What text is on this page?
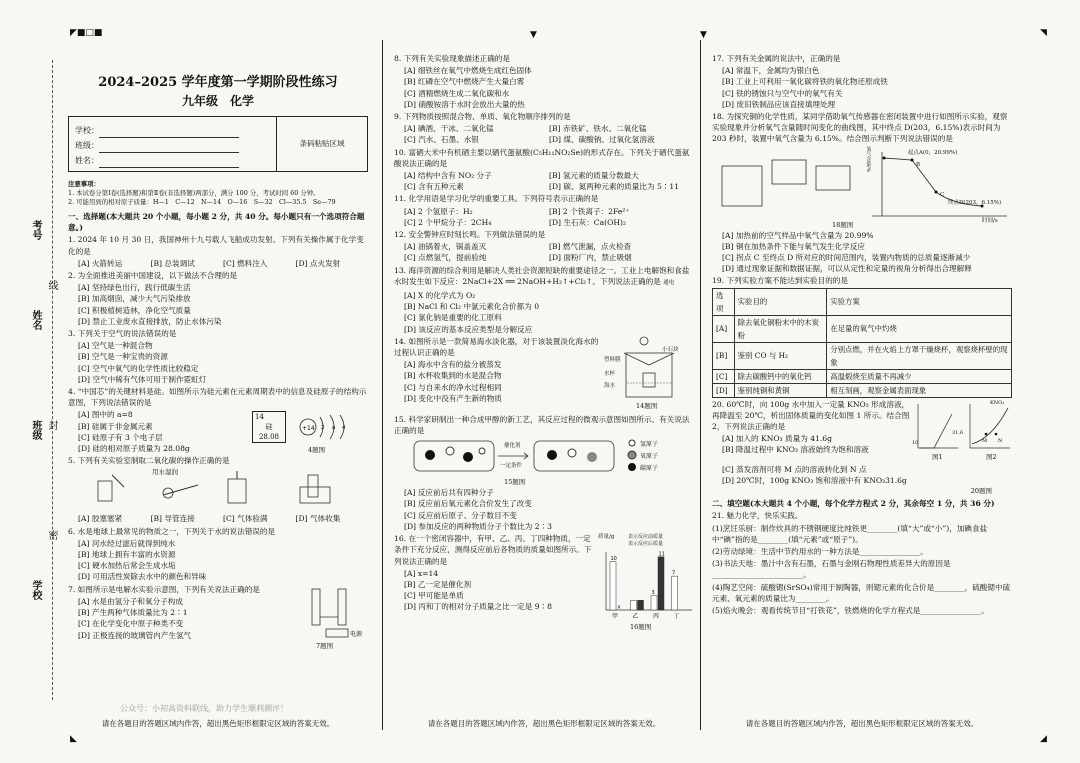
◤■□■
◣
◥
◢
▼	▼
考号
姓名
班级
学校
线
封
密
2024–2025 学年度第一学期阶段性练习
九年级　化学
学校：
班级：
姓名：
条码粘贴区域
注意事项：
1. 本试卷分第Ⅰ卷(选择题)和第Ⅱ卷(非选择题)两部分，满分 100 分，考试时间 60 分钟。
2. 可能用到的相对原子质量：H—1　C—12　N—14　O—16　S—32　Cl—35.5　Se—79
一、选择题(本大题共 20 个小题，每小题 2 分，共 40 分。每小题只有一个选项符合题意。)
1. 2024 年 10 月 30 日，我国神州十九号载人飞船成功发射。下列有关操作属于化学变化的是
[A] 火箭转运	[B] 总装调试	[C] 燃料注入	[D] 点火发射
2. 为全面推进美丽中国建设，以下做法不合理的是
[A] 坚持绿色出行，践行低碳生活
[B] 加高烟囱，减少大气污染排放
[C] 积极植树造林，净化空气质量
[D] 禁止工业废水直接排放，防止水体污染
3. 下列关于空气的说法错误的是
[A] 空气是一种混合物
[B] 空气是一种宝贵的资源
[C] 空气中氧气的化学性质比较稳定
[D] 空气中稀有气体可用于制作霓虹灯
4. “中国芯”的关键材料是硅。如图所示为硅元素在元素周期表中的信息及硅原子的结构示意图，下列说法错误的是
[A] 图中的 a=8
[B] 硅属于非金属元素
[C] 硅原子有 3 个电子层
[D] 硅的相对原子质量为 28.08g
14
硅
28.08
+14 2 a 4
4题图
5. 下列有关实验室制取二氧化碳的操作正确的是
用水湿润
[A] 胶塞塞紧	[B] 导管连接	[C] 气体验满	[D] 气体收集
6. 水是地球上最常见的物质之一，下列关于水的说法错误的是
[A] 河水经过滤后就得到纯水
[B] 地球上拥有丰富的水资源
[C] 硬水加热后常会生成水垢
[D] 可用活性炭除去水中的颜色和异味
7. 如图所示是电解水实验示意图，下列有关说法正确的是
[A] 水是由氢分子和氧分子构成
[B] 产生两种气体质量比为 2∶1
[C] 在化学变化中原子种类不变
[D] 正极连接的玻璃管内产生氢气	电源
7题图
公众号：小初高资料联线，助力学生顺利测评！
请在各题目的答题区域内作答，超出黑色矩形框限定区域的答案无效。
8. 下列有关实验现象描述正确的是
[A] 细铁丝在氧气中燃烧生成红色固体
[B] 红磷在空气中燃烧产生大量白雾
[C] 酒精燃烧生成二氧化碳和水
[D] 硝酸铵溶于水时会放出大量的热
9. 下列物质按照混合物、单质、氧化物顺序排列的是
[A] 碘酒、干冰、二氧化锰	[B] 赤铁矿、铁水、二氧化锰
[C] 汽水、石墨、水银	[D] 煤、碳酸钠、过氧化氢溶液
10. 富硒大米中有机硒主要以硒代蛋氨酸(C₅H₁₁NO₂Se)的形式存在。下列关于硒代蛋氨酸说法正确的是
[A] 结构中含有 NO₂ 分子	[B] 氢元素的质量分数最大
[C] 含有五种元素	[D] 碳、氮两种元素的质量比为 5∶11
11. 化学用语是学习化学的重要工具。下列符号表示正确的是
[A] 2 个氢原子：H₂	[B] 2 个铁离子：2Fe²⁺
[C] 2 个甲烷分子：2CH₄	[D] 生石灰：Ca(OH)₂
12. 安全警钟应时刻长鸣。下列做法错误的是
[A] 油锅着火，锅盖盖灭	[B] 燃气泄漏，点火检查
[C] 点燃氢气，提前验纯	[D] 面粉厂内，禁止吸烟
13. 海洋资源的综合利用是解决人类社会资源短缺的重要途径之一。工业上电解饱和食盐水时发生如下反应：2NaCl+2X ══ 2NaOH+H₂↑+Cl₂↑。下列说法正确的是 通电
[A] X 的化学式为 O₂
[B] NaCl 和 Cl₂ 中氯元素化合价都为 0
[C] 氯化钠是重要的化工原料
[D] 该反应的基本反应类型是分解反应
14. 如图所示是一款简易海水淡化器，对于该装置淡化海水的过程认识正确的是
[A] 海水中含有的盐分被蒸发
[B] 水杯收集到的水是混合物
[C] 与自来水的净水过程相同
[D] 变化中没有产生新的物质
小石块
塑料膜
水杯
海水
14题图
15. 科学家研制出一种合成甲醇的新工艺，其反应过程的微观示意图如图所示。有关说法正确的是
催化剂
一定条件
氢原子
氧原子
碳原子
15题图
[A] 反应前后共有四种分子
[B] 反应前后氧元素化合价发生了改变
[C] 反应前后原子、分子数目不变
[D] 参加反应的两种物质分子个数比为 2∶3
16. 在一个密闭容器中，有甲、乙、丙、丁四种物质，一定条件下充分反应，测得反应前后各物质的质量如图所示。下列说法正确的是
[A] x=14
[B] 乙一定是催化剂
[C] 甲可能是单质
[D] 丙和丁的相对分子质量之比一定是 9∶8
质量/g	表示反应前质量
表示反应后质量
10
x
甲 乙
3
11
丙
7
丁
16题图
请在各题目的答题区域内作答，超出黑色矩形框限定区域的答案无效。
17. 下列有关金属的说法中，正确的是
[A] 常温下，金属均为银白色
[B] 工业上可利用一氧化碳将铁的氧化物还原成铁
[C] 铁的锈蚀只与空气中的氧气有关
[D] 废旧铁制品应该直接填埋处理
18. 为探究铜的化学性质，某同学借助氧气传感器在密闭装置中进行如图所示实验，观察实验现象并分析氧气含量随时间变化的曲线图，其中终点 D(203，6.15%)表示时间为 203 秒时，装置中氧气含量为 6.15%。结合图示判断下列说法错误的是
起点A(0，20.99%)
B
C
终点D(203，6.15%)
氧气含量/%
时间/s
18题图
[A] 加热前的空气样品中氧气含量为 20.99%
[B] 铜在加热条件下能与氧气发生化学反应
[C] 拐点 C 至终点 D 所对应的时间范围内，装置内物质的总质量逐渐减少
[D] 通过现象证据和数据证据，可以从定性和定量的视角分析得出合理解释
19. 下列实验方案不能达到实验目的的是
选项	实验目的	实验方案
[A]	除去氧化铜粉末中的木炭粉	在足量的氧气中灼烧
[B]	鉴别 CO 与 H₂	分别点燃，并在火焰上方罩干燥烧杯，观察烧杯壁的现象
[C]	除去碳酸钙中的氧化钙	高温煅烧至质量不再减少
[D]	鉴别纯铜和黄铜	相互刻画，观察金属表面现象
20. 60℃时，向 100g 水中加入一定量 KNO₃ 形成溶液，再降温至 20℃，析出固体质量的变化如图 1 所示。结合图 2，下列说法正确的是
[A] 加入的 KNO₃ 质量为 41.6g
[B] 降温过程中 KNO₃ 溶液始终为饱和溶液
KNO₃
31.6
10	M N
图1	图2
[C] 蒸发溶剂可将 M 点的溶液转化到 N 点
[D] 20℃时，100g KNO₃ 饱和溶液中有 KNO₃31.6g
20题图
二、填空题(本大题共 4 个小题，每个化学方程式 2 分，其余每空 1 分，共 36 分)
21. 魅力化学，快乐实践。
(1)烹饪乐厨：制作炊具的不锈钢硬度比纯铁更________(填“大”或“小”)，加碘食盐中“碘”指的是________(填“元素”或“原子”)。
(2)劳动绿境：生活中节约用水的一种方法是________________。
(3)书法天地：墨汁中含有石墨，石墨与金刚石物理性质差异大的原因是________________________。
(4)陶艺空间：硫酸锶(SrSO₄)常用于制陶器，则锶元素的化合价是________，硫酸锶中硫元素、氧元素的质量比为________。
(5)焰火晚会：观看传统节目“打铁花”，铁燃烧的化学方程式是________________。
请在各题目的答题区域内作答，超出黑色矩形框限定区域的答案无效。
